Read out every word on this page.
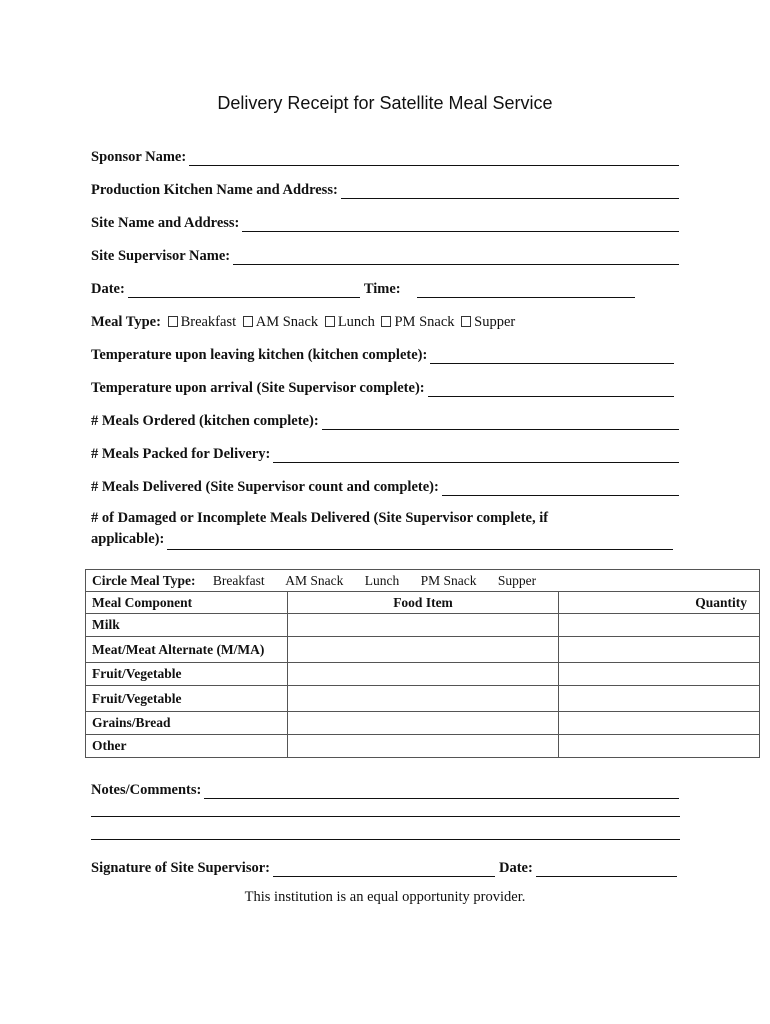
Delivery Receipt for Satellite Meal Service
Sponsor Name:
Production Kitchen Name and Address:
Site Name and Address:
Site Supervisor Name:
Date:	Time:
Meal Type: Breakfast AM Snack Lunch PM Snack Supper
Temperature upon leaving kitchen (kitchen complete):
Temperature upon arrival (Site Supervisor complete):
# Meals Ordered (kitchen complete):
# Meals Packed for Delivery:
# Meals Delivered (Site Supervisor count and complete):
# of Damaged or Incomplete Meals Delivered (Site Supervisor complete, if
applicable):
Circle Meal Type: Breakfast AM Snack Lunch PM Snack Supper		
Meal Component	Food Item	Quantity
Milk		
Meat/Meat Alternate (M/MA)		
Fruit/Vegetable		
Fruit/Vegetable		
Grains/Bread		
Other		
Notes/Comments:
Signature of Site Supervisor:	Date:
This institution is an equal opportunity provider.
